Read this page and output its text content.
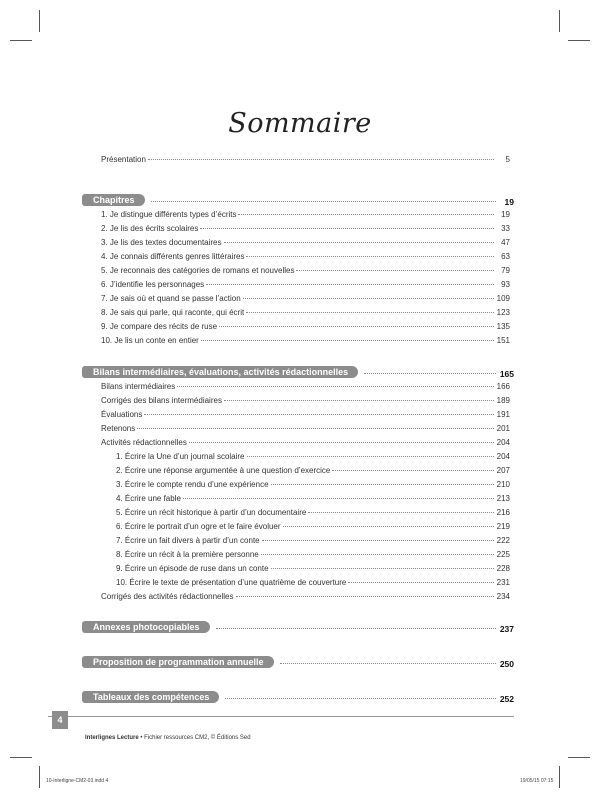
Sommaire
Présentation	5
Chapitres	19
1. Je distingue différents types d’écrits	19
2. Je lis des écrits scolaires	33
3. Je lis des textes documentaires	47
4. Je connais différents genres littéraires	63
5. Je reconnais des catégories de romans et nouvelles	79
6. J’identifie les personnages	93
7. Je sais où et quand se passe l’action	109
8. Je sais qui parle, qui raconte, qui écrit	123
9. Je compare des récits de ruse	135
10. Je lis un conte en entier	151
Bilans intermédiaires, évaluations, activités rédactionnelles	165
Bilans intermédiaires	166
Corrigés des bilans intermédiaires	189
Évaluations	191
Retenons	201
Activités rédactionnelles	204
1. Écrire la Une d’un journal scolaire	204
2. Écrire une réponse argumentée à une question d’exercice	207
3. Écrire le compte rendu d’une expérience	210
4. Écrire une fable	213
5. Écrire un récit historique à partir d’un documentaire	216
6. Écrire le portrait d’un ogre et le faire évoluer	219
7. Écrire un fait divers à partir d’un conte	222
8. Écrire un récit à la première personne	225
9. Écrire un épisode de ruse dans un conte	228
10. Écrire le texte de présentation d’une quatrième de couverture	231
Corrigés des activités rédactionnelles	234
Annexes photocopiables	237
Proposition de programmation annuelle	250
Tableaux des compétences	252
4
Interlignes Lecture • Fichier ressources CM2, © Éditions Sed
10-Interligne-CM2-03.indd 4	19/05/15 07:15
